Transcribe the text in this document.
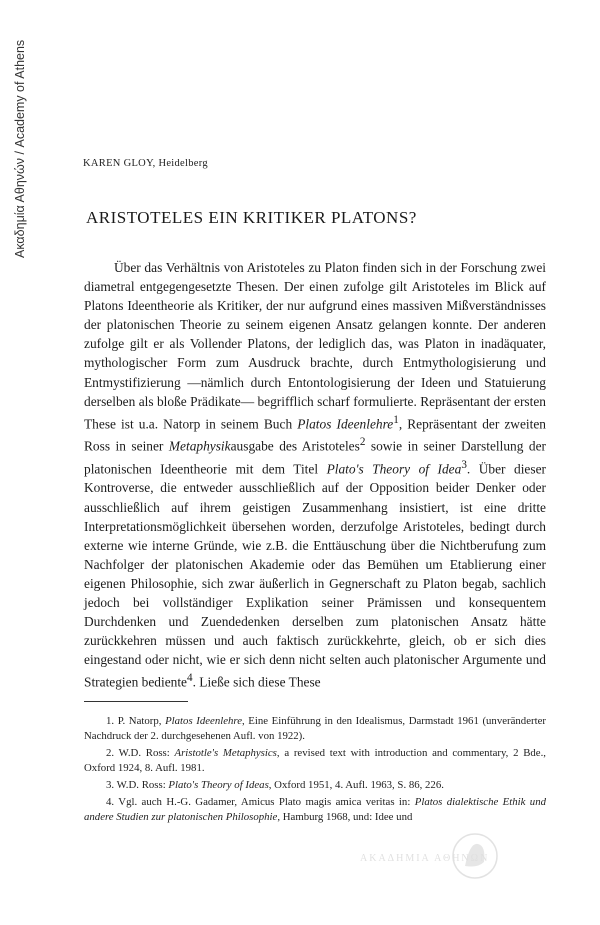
Ακαδημία Αθηνών / Academy of Athens	KAREN GLOY, Heidelberg
ARISTOTELES EIN KRITIKER PLATONS?

Über das Verhältnis von Aristoteles zu Platon finden sich in der Forschung zwei diametral entgegengesetzte Thesen. Der einen zufolge gilt Aristoteles im Blick auf Platons Ideentheorie als Kritiker, der nur aufgrund eines massiven Mißverständnisses der platonischen Theorie zu seinem eigenen Ansatz gelangen konnte. Der anderen zufolge gilt er als Vollender Platons, der lediglich das, was Platon in inadäquater, mythologischer Form zum Ausdruck brachte, durch Entmythologisierung und Entmystifizierung —nämlich durch Entontologisierung der Ideen und Statuierung derselben als bloße Prädikate— begrifflich scharf formulierte. Repräsentant der ersten These ist u.a. Natorp in seinem Buch Platos Ideenlehre$^1$, Repräsentant der zweiten Ross in seiner Metaphysikausgabe des Aristoteles$^2$ sowie in seiner Darstellung der platonischen Ideentheorie mit dem Titel Plato's Theory of Idea$^3$. Über dieser Kontroverse, die entweder ausschließlich auf der Opposition beider Denker oder ausschließlich auf ihrem geistigen Zusammenhang insistiert, ist eine dritte Interpretationsmöglichkeit übersehen worden, derzufolge Aristoteles, bedingt durch externe wie interne Gründe, wie z.B. die Enttäuschung über die Nichtberufung zum Nachfolger der platonischen Akademie oder das Bemühen um Etablierung einer eigenen Philosophie, sich zwar äußerlich in Gegnerschaft zu Platon begab, sachlich jedoch bei vollständiger Explikation seiner Prämissen und konsequentem Durchdenken und Zuendedenken derselben zum platonischen Ansatz hätte zurückkehren müssen und auch faktisch zurückkehrte, gleich, ob er sich dies eingestand oder nicht, wie er sich denn nicht selten auch platonischer Argumente und Strategien bediente$^4$. Ließe sich diese These

1. P. Natorp, Platos Ideenlehre, Eine Einführung in den Idealismus, Darmstadt 1961 (unveränderter Nachdruck der 2. durchgesehenen Aufl. von 1922).

2. W.D. Ross: Aristotle's Metaphysics, a revised text with introduction and commentary, 2 Bde., Oxford 1924, 8. Aufl. 1981.

3. W.D. Ross: Plato's Theory of Ideas, Oxford 1951, 4. Aufl. 1963, S. 86, 226.

4. Vgl. auch H.-G. Gadamer, Amicus Plato magis amica veritas in: Platos dialektische Ethik und andere Studien zur platonischen Philosophie, Hamburg 1968, und: Idee und

ΑΚΑΔΗΜΙΑ ΑΘΗΝΩΝ
